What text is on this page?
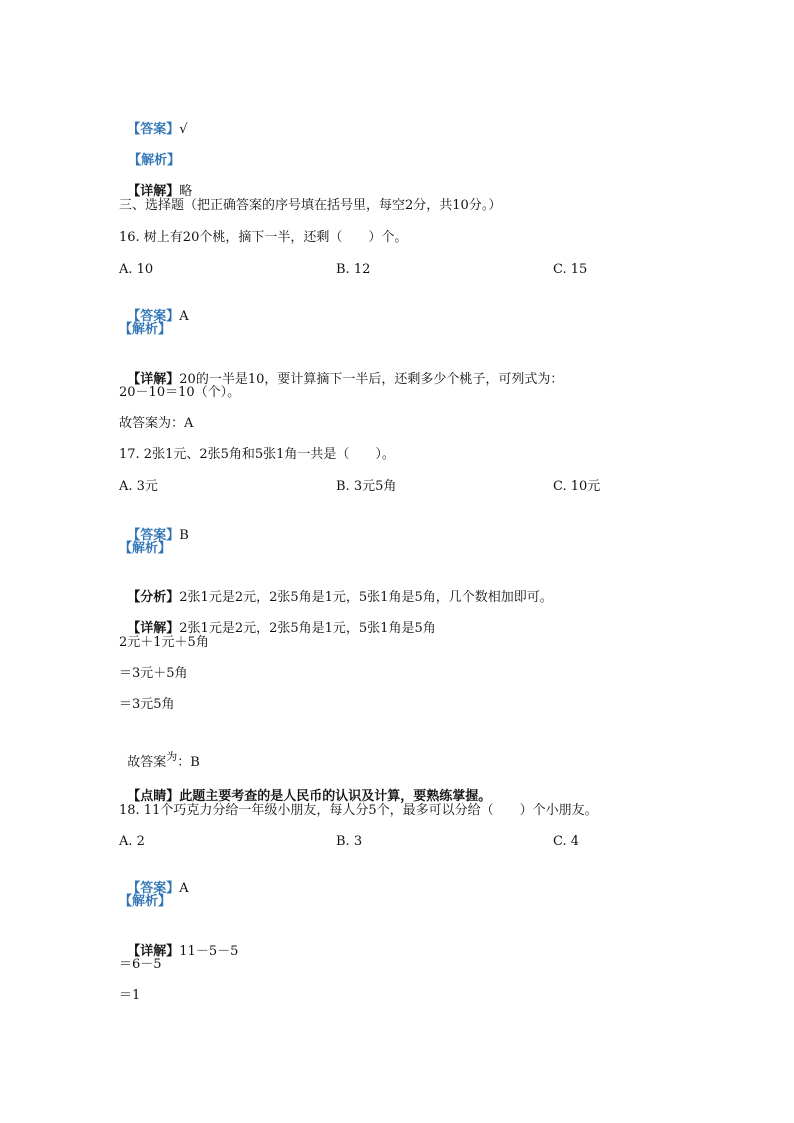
【答案】√

【解析】

【详解】略

三、选择题（把正确答案的序号填在括号里，每空2分，共10分。）
16. 树上有20个桃，摘下一半，还剩（　　）个。
A. 10	B. 12	C. 15

【答案】A

【解析】

【详解】20的一半是10，要计算摘下一半后，还剩多少个桃子，可列式为：

20－10＝10（个）。
故答案为：A
17. 2张1元、2张5角和5张1角一共是（　　）。
A. 3元	B. 3元5角	C. 10元

【答案】B

【解析】

【分析】2张1元是2元，2张5角是1元，5张1角是5角，几个数相加即可。

【详解】2张1元是2元，2张5角是1元，5张1角是5角

2元＋1元＋5角
＝3元＋5角
＝3元5角

故答案$^为$：B

【点睛】此题主要考查的是人民币的认识及计算，要熟练掌握。

18. 11个巧克力分给一年级小朋友，每人分5个，最多可以分给（　　）个小朋友。
A. 2	B. 3	C. 4

【答案】A

【解析】

【详解】11－5－5

＝6－5
＝1
